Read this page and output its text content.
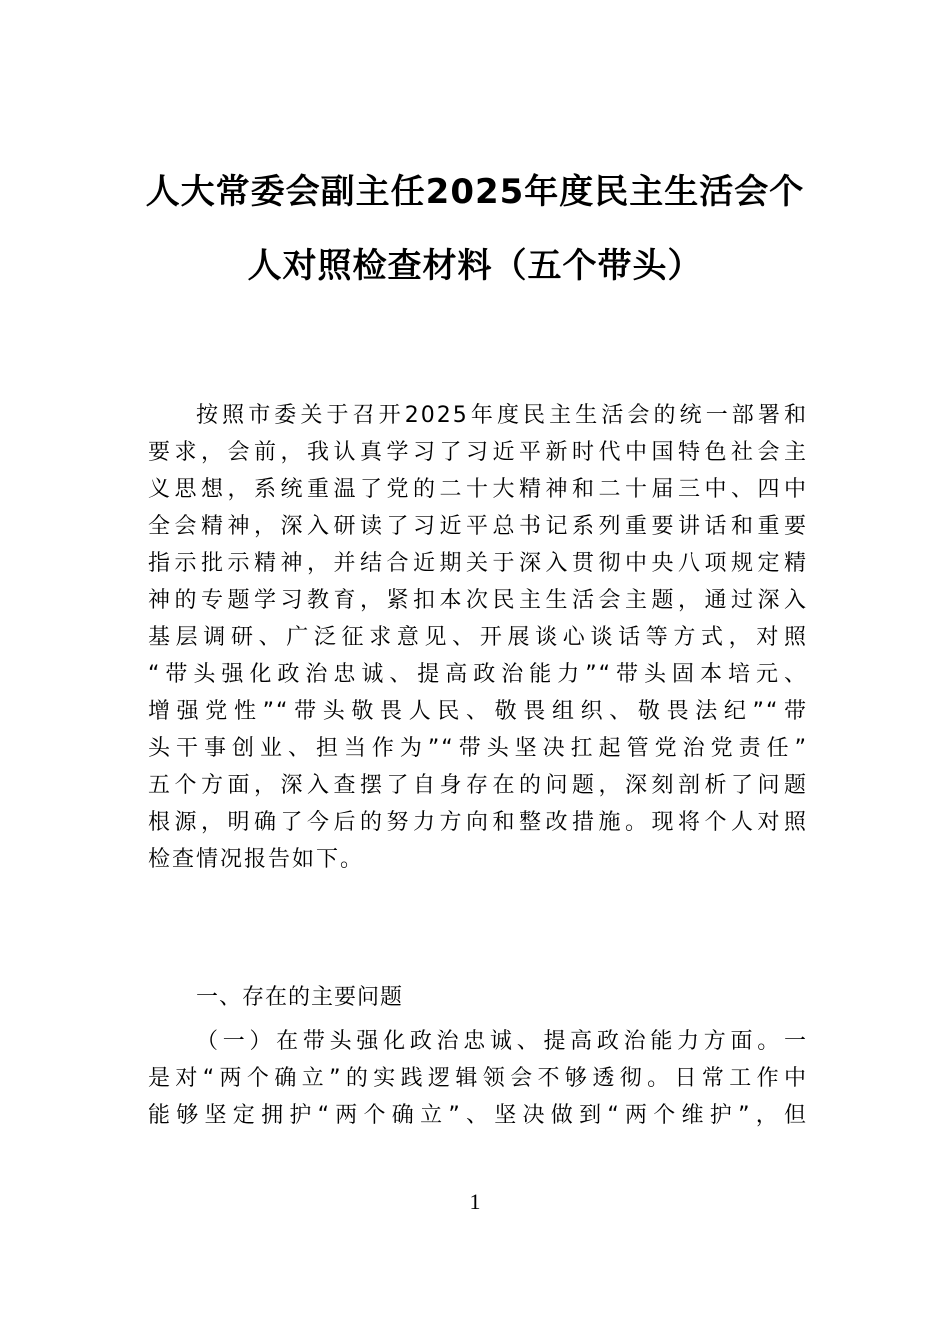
人大常委会副主任2025年度民主生活会个
人对照检查材料（五个带头）
按照市委关于召开2025年度民主生活会的统一部署和
要求，会前，我认真学习了习近平新时代中国特色社会主
义思想，系统重温了党的二十大精神和二十届三中、四中
全会精神，深入研读了习近平总书记系列重要讲话和重要
指示批示精神，并结合近期关于深入贯彻中央八项规定精
神的专题学习教育，紧扣本次民主生活会主题，通过深入
基层调研、广泛征求意见、开展谈心谈话等方式，对照
“带头强化政治忠诚、提高政治能力”“带头固本培元、
增强党性”“带头敬畏人民、敬畏组织、敬畏法纪”“带
头干事创业、担当作为”“带头坚决扛起管党治党责任”
五个方面，深入查摆了自身存在的问题，深刻剖析了问题
根源，明确了今后的努力方向和整改措施。现将个人对照
检查情况报告如下。
一、存在的主要问题
（一）在带头强化政治忠诚、提高政治能力方面。一
是对“两个确立”的实践逻辑领会不够透彻。日常工作中
能够坚定拥护“两个确立”、坚决做到“两个维护”，但
1
